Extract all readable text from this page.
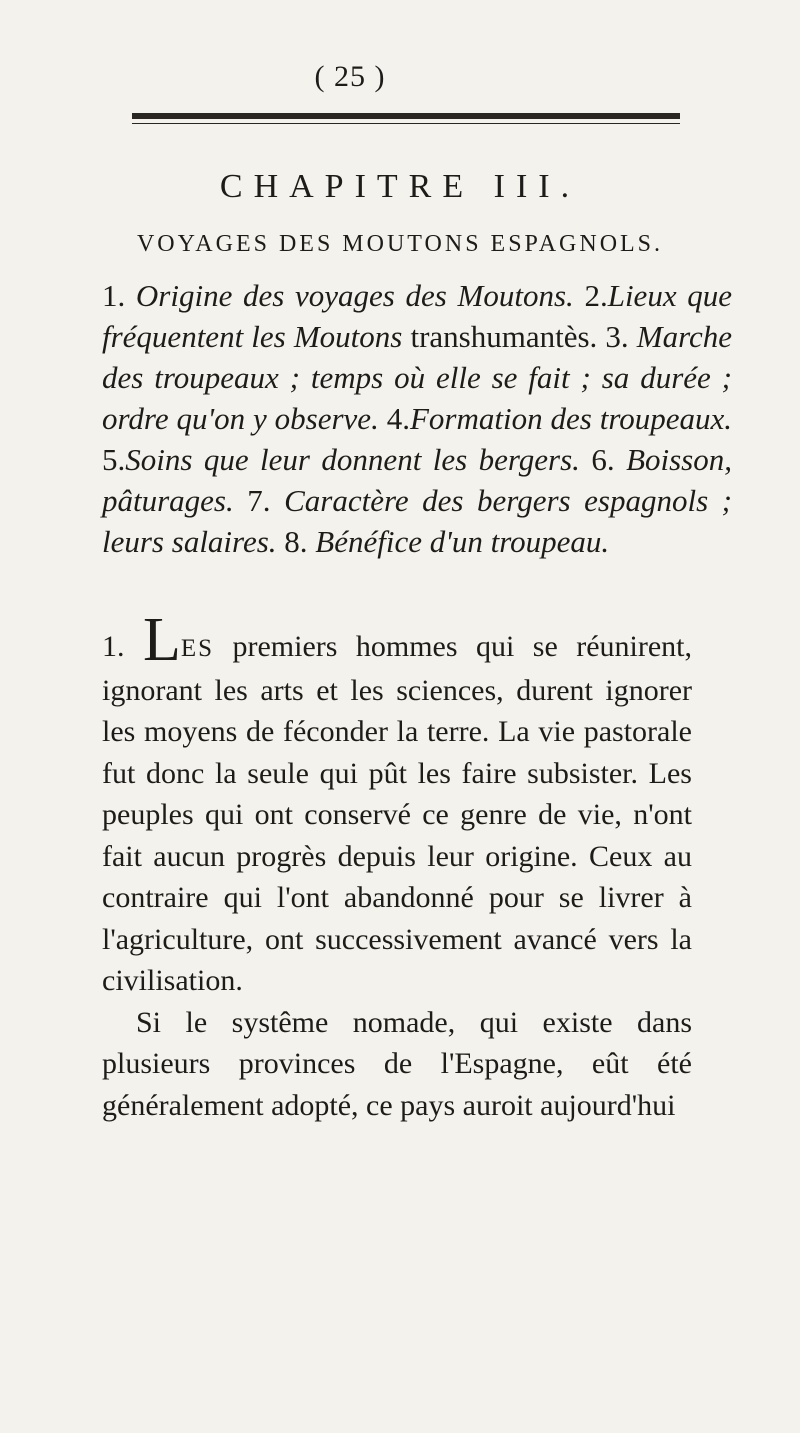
( 25 )
CHAPITRE III.
VOYAGES DES MOUTONS ESPAGNOLS.
1. Origine des voyages des Moutons. 2.Lieux que fréquentent les Moutons transhumantès. 3. Marche des troupeaux ; temps où elle se fait ; sa durée ; ordre qu'on y observe. 4.Formation des troupeaux. 5.Soins que leur donnent les bergers. 6. Boisson, pâturages. 7. Caractère des bergers espagnols ; leurs salaires. 8. Bénéfice d'un troupeau.

1. LES premiers hommes qui se réunirent, ignorant les arts et les sciences, durent ignorer les moyens de féconder la terre. La vie pastorale fut donc la seule qui pût les faire subsister. Les peuples qui ont conservé ce genre de vie, n'ont fait aucun progrès depuis leur origine. Ceux au contraire qui l'ont abandonné pour se livrer à l'agriculture, ont successivement avancé vers la civilisation.

Si le systême nomade, qui existe dans plusieurs provinces de l'Espagne, eût été généralement adopté, ce pays auroit aujourd'hui
